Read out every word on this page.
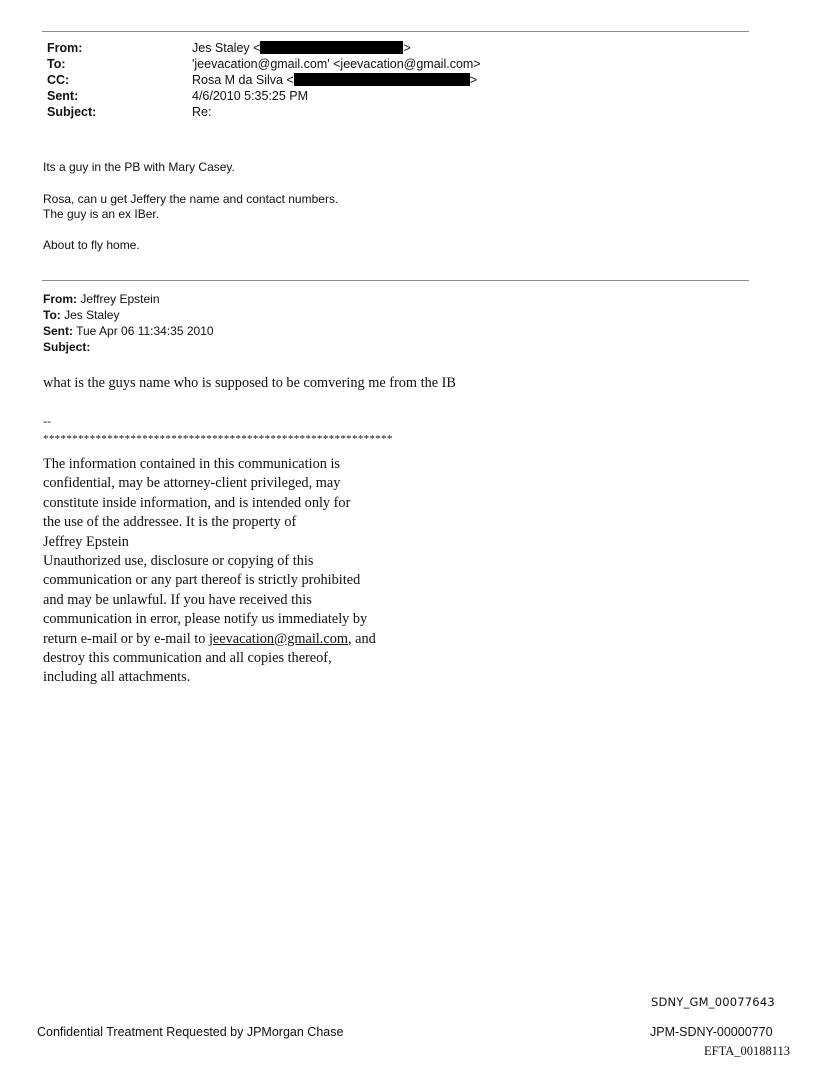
From:	Jes Staley <	>
To:	'jeevacation@gmail.com' <jeevacation@gmail.com>
CC:	Rosa M da Silva <	>
Sent:	4/6/2010 5:35:25 PM
Subject:	Re:
Its a guy in the PB with Mary Casey.
Rosa, can u get Jeffery the name and contact numbers.
The guy is an ex IBer.
About to fly home.
From: Jeffrey Epstein
To: Jes Staley
Sent: Tue Apr 06 11:34:35 2010
Subject:
what is the guys name who is supposed to be comvering me from the IB
--
************************************************************
The information contained in this communication is
confidential, may be attorney-client privileged, may
constitute inside information, and is intended only for
the use of the addressee. It is the property of
Jeffrey Epstein
Unauthorized use, disclosure or copying of this
communication or any part thereof is strictly prohibited
and may be unlawful. If you have received this
communication in error, please notify us immediately by
return e-mail or by e-mail to jeevacation@gmail.com, and
destroy this communication and all copies thereof,
including all attachments.
SDNY_GM_00077643
Confidential Treatment Requested by JPMorgan Chase	JPM-SDNY-00000770
EFTA_00188113
